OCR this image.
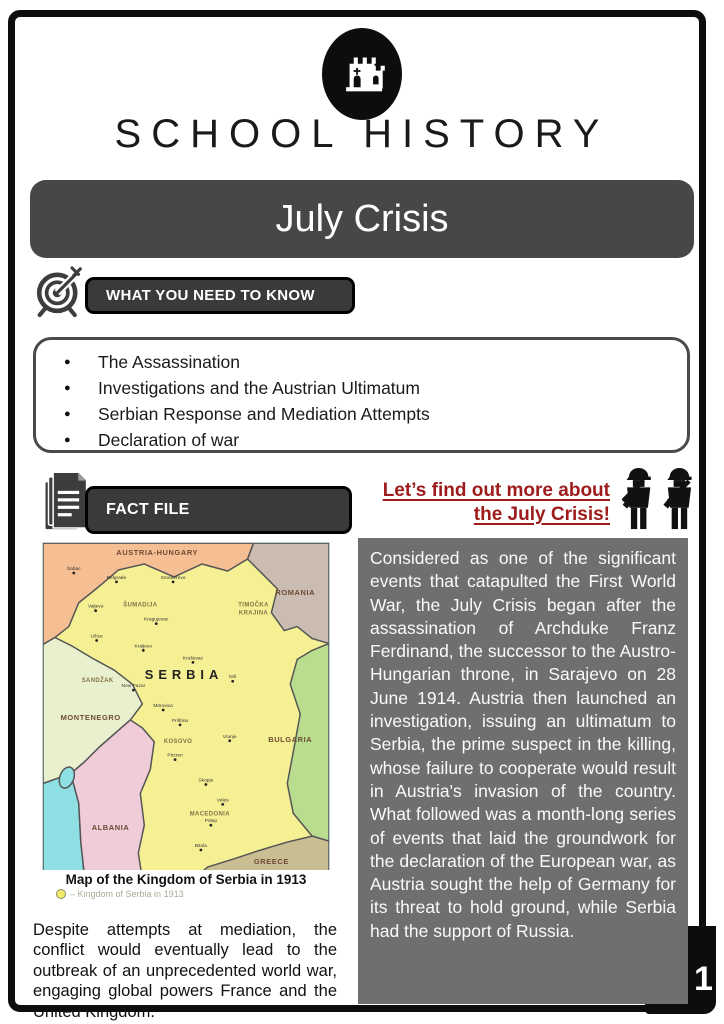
SCHOOL HISTORY
July Crisis
WHAT YOU NEED TO KNOW
● The Assassination
● Investigations and the Austrian Ultimatum
● Serbian Response and Mediation Attempts
● Declaration of war
FACT FILE
Let’s find out more about
the July Crisis!
AUSTRIA-HUNGARY
ROMANIA
ŠUMADIJA	TIMOČKA
KRAJINA
SERBIA
SANDŽAK
MONTENEGRO
KOSOVO	BULGARIA
MACEDONIA
ALBANIA
GREECE
Šabac
Belgrade	Smederevo
Valjevo
Kragujevac
Užice
Kraljevo
Kruševac
Niš
Novi Pazar
Mitrovica
Priština
Vranje
Prizren
Skopje
Veles
Prilep
Bitola
Map of the Kingdom of Serbia in 1913
– Kingdom of Serbia in 1913

Despite attempts at mediation, the conflict would eventually lead to the outbreak of an unprecedented world war, engaging global powers France and the United Kingdom.

Considered as one of the significant events that catapulted the First World War, the July Crisis began after the assassination of Archduke Franz Ferdinand, the successor to the Austro-Hungarian throne, in Sarajevo on 28 June 1914. Austria then launched an investigation, issuing an ultimatum to Serbia, the prime suspect in the killing, whose failure to cooperate would result in Austria's invasion of the country. What followed was a month-long series of events that laid the groundwork for the declaration of the European war, as Austria sought the help of Germany for its threat to hold ground, while Serbia had the support of Russia.

1
